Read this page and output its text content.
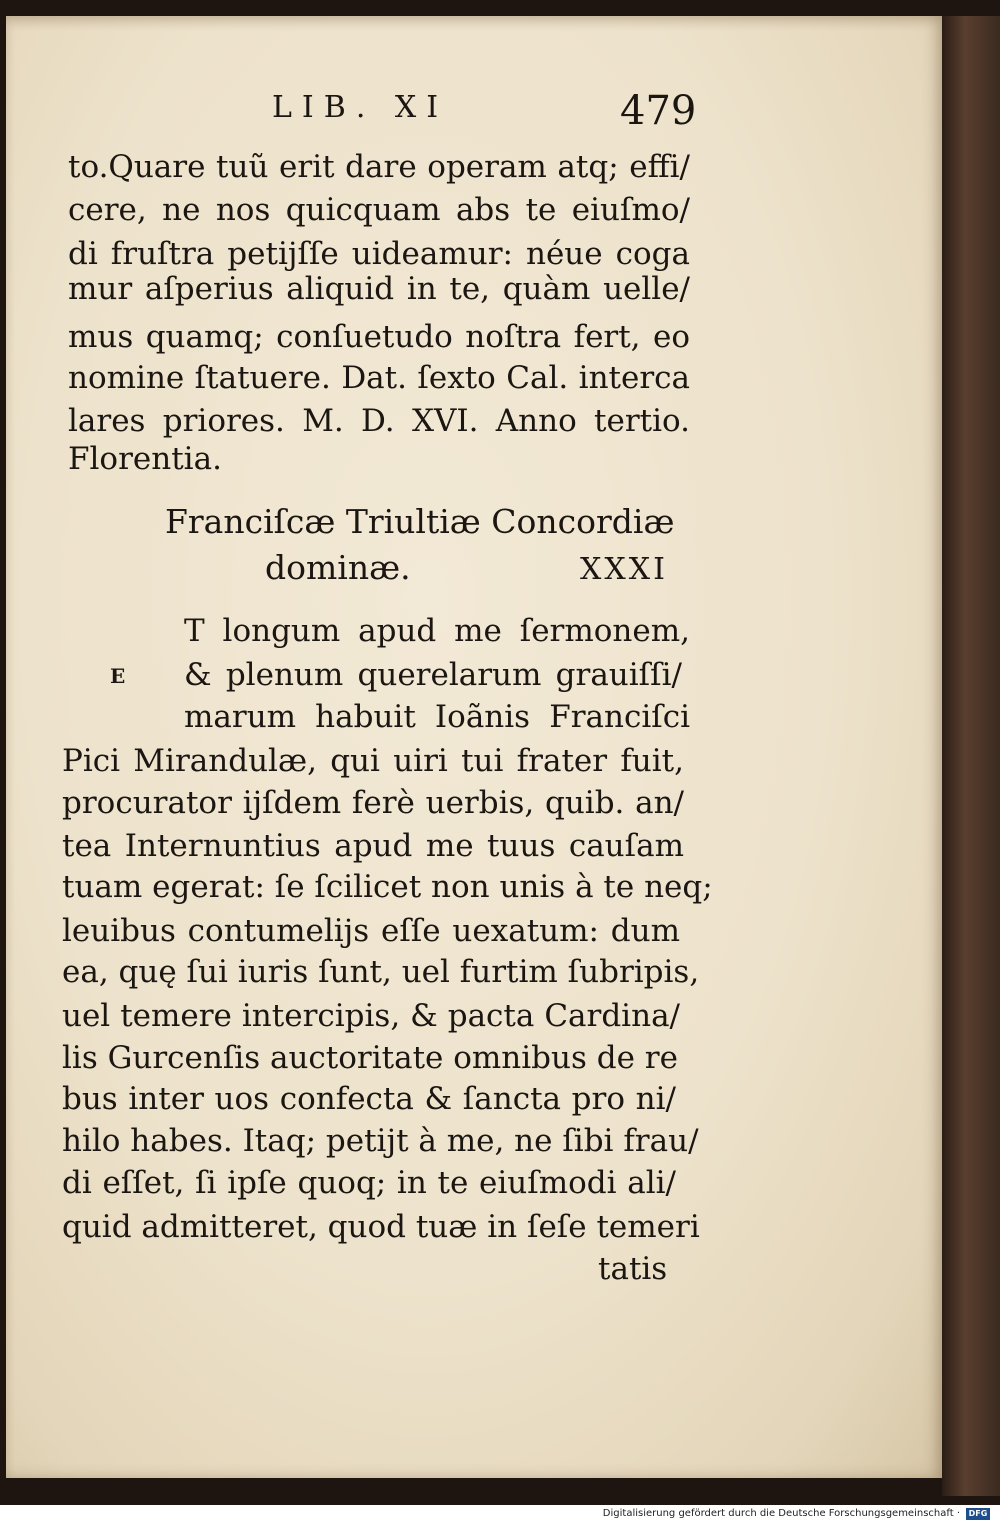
LIB. XI	479
to.Quare tuũ erit dare operam atq; effi/
cere, ne nos quicquam abs te eiuſmo/
di fruſtra petijſſe uideamur: néue coga
mur aſperius aliquid in te, quàm uelle/
mus quamq; conſuetudo noſtra fert, eo
nomine ſtatuere. Dat. ſexto Cal. interca
lares priores. M. D. XVI. Anno tertio.
Florentia.
Franciſcæ Triultiæ Concordiæ
dominæ.	XXXI
E
T longum apud me ſermonem,
& plenum querelarum grauiſſi/
marum habuit Ioãnis Franciſci
Pici Mirandulæ, qui uiri tui frater fuit,
procurator ijſdem ferè uerbis, quib. an/
tea Internuntius apud me tuus cauſam
tuam egerat: ſe ſcilicet non unis à te neq;
leuibus contumelijs eſſe uexatum: dum
ea, quę ſui iuris ſunt, uel furtim ſubripis,
uel temere intercipis, & pacta Cardina/
lis Gurcenſis auctoritate omnibus de re
bus inter uos confecta & ſancta pro ni/
hilo habes. Itaq; petijt à me, ne ſibi frau/
di eſſet, ſi ipſe quoq; in te eiuſmodi ali/
quid admitteret, quod tuæ in ſeſe temeri
tatis
Digitalisierung gefördert durch die Deutsche Forschungsgemeinschaft ·	DFG
